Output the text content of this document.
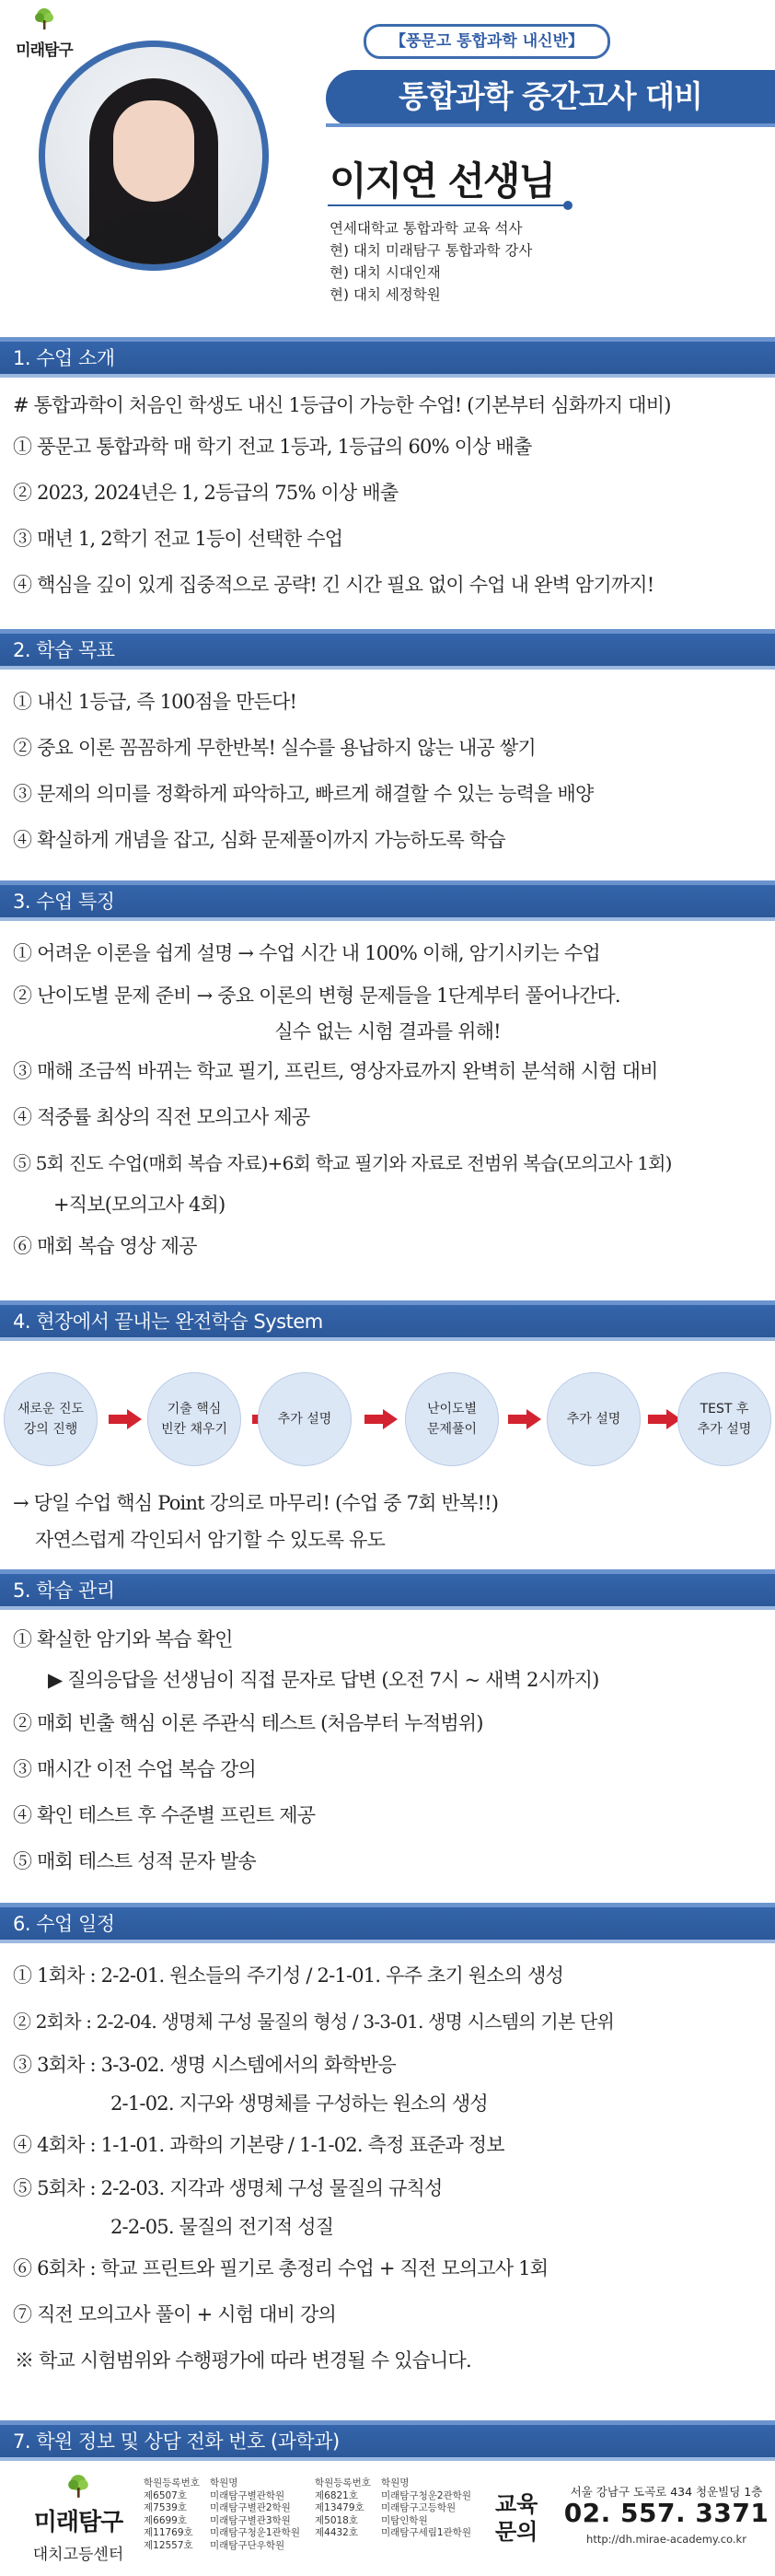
미래탐구	【풍문고 통합과학 내신반】
통합과학 중간고사 대비
이지연 선생님
연세대학교 통합과학 교육 석사
현) 대치 미래탐구 통합과학 강사
현) 대치 시대인재
현) 대치 세정학원
1. 수업 소개
# 통합과학이 처음인 학생도 내신 1등급이 가능한 수업! (기본부터 심화까지 대비)
① 풍문고 통합과학 매 학기 전교 1등과, 1등급의 60% 이상 배출
② 2023, 2024년은 1, 2등급의 75% 이상 배출
③ 매년 1, 2학기 전교 1등이 선택한 수업
④ 핵심을 깊이 있게 집중적으로 공략! 긴 시간 필요 없이 수업 내 완벽 암기까지!
2. 학습 목표
① 내신 1등급, 즉 100점을 만든다!
② 중요 이론 꼼꼼하게 무한반복! 실수를 용납하지 않는 내공 쌓기
③ 문제의 의미를 정확하게 파악하고, 빠르게 해결할 수 있는 능력을 배양
④ 확실하게 개념을 잡고, 심화 문제풀이까지 가능하도록 학습
3. 수업 특징
① 어려운 이론을 쉽게 설명 → 수업 시간 내 100% 이해, 암기시키는 수업
② 난이도별 문제 준비 → 중요 이론의 변형 문제들을 1단계부터 풀어나간다.
실수 없는 시험 결과를 위해!
③ 매해 조금씩 바뀌는 학교 필기, 프린트, 영상자료까지 완벽히 분석해 시험 대비
④ 적중률 최상의 직전 모의고사 제공
⑤ 5회 진도 수업(매회 복습 자료)+6회 학교 필기와 자료로 전범위 복습(모의고사 1회)
+직보(모의고사 4회)
⑥ 매회 복습 영상 제공
4. 현장에서 끝내는 완전학습 System
새로운 진도
강의 진행
기출 핵심
빈칸 채우기
추가 설명
난이도별
문제풀이
추가 설명
TEST 후
추가 설명
→ 당일 수업 핵심 Point 강의로 마무리! (수업 중 7회 반복!!)
자연스럽게 각인되서 암기할 수 있도록 유도
5. 학습 관리
① 확실한 암기와 복습 확인
▶ 질의응답을 선생님이 직접 문자로 답변 (오전 7시 ~ 새벽 2시까지)
② 매회 빈출 핵심 이론 주관식 테스트 (처음부터 누적범위)
③ 매시간 이전 수업 복습 강의
④ 확인 테스트 후 수준별 프린트 제공
⑤ 매회 테스트 성적 문자 발송
6. 수업 일정
① 1회차 : 2-2-01. 원소들의 주기성 / 2-1-01. 우주 초기 원소의 생성
② 2회차 : 2-2-04. 생명체 구성 물질의 형성 / 3-3-01. 생명 시스템의 기본 단위
③ 3회차 : 3-3-02. 생명 시스템에서의 화학반응
2-1-02. 지구와 생명체를 구성하는 원소의 생성
④ 4회차 : 1-1-01. 과학의 기본량 / 1-1-02. 측정 표준과 정보
⑤ 5회차 : 2-2-03. 지각과 생명체 구성 물질의 규칙성
2-2-05. 물질의 전기적 성질
⑥ 6회차 : 학교 프린트와 필기로 총정리 수업 + 직전 모의고사 1회
⑦ 직전 모의고사 풀이 + 시험 대비 강의
※ 학교 시험범위와 수행평가에 따라 변경될 수 있습니다.
7. 학원 정보 및 상담 전화 번호 (과학과)
미래탐구
대치고등센터
학원등록번호
제6507호
제7539호
제6699호
제11769호
제12557호
학원명
미래탐구별관학원
미래탐구별관2학원
미래탐구별관3학원
미래탐구청운1관학원
미래탐구단우학원
학원등록번호
제6821호
제13479호
제5018호
제4432호
학원명
미래탐구청운2관학원
미래탐구고등학원
미탐인학원
미래탐구세림1관학원
교육
문의
서울 강남구 도곡로 434 청운빌딩 1층
02. 557. 3371
http://dh.mirae-academy.co.kr
